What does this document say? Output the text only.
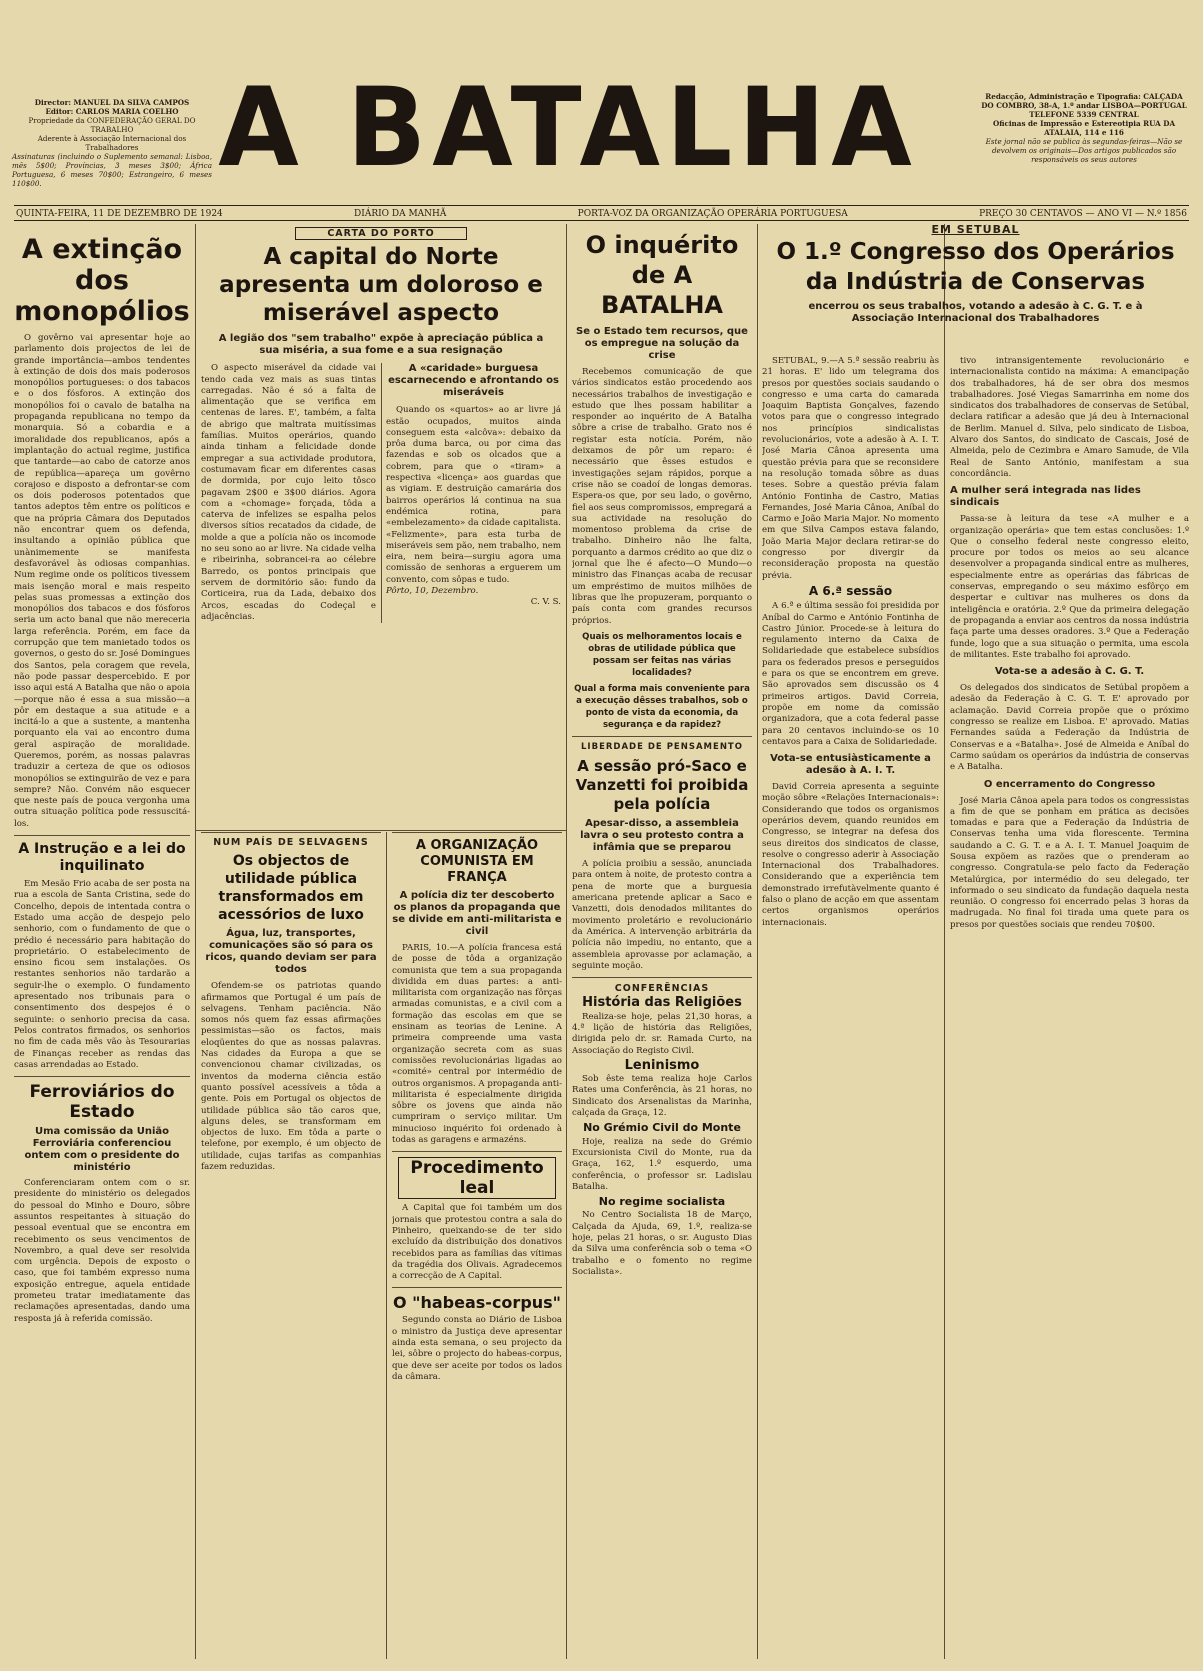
Director: MANUEL DA SILVA CAMPOS
Editor: CARLOS MARIA COELHO
Propriedade da CONFEDERAÇÃO GERAL DO TRABALHO
Aderente à Associação Internacional dos Trabalhadores
Assinaturas (incluindo o Suplemento semanal: Lisboa, mês 5$00; Províncias, 3 meses 3$00; África Portuguesa, 6 meses 70$00; Estrangeiro, 6 meses 110$00.	A BATALHA	Redacção, Administração e Tipografia: CALÇADA DO COMBRO, 38-A, 1.º andar LISBOA—PORTUGAL
TELEFONE 5339 CENTRAL
Oficinas de Impressão e Estereotipia RUA DA ATALAIA, 114 e 116
Este jornal não se publica às segundas-feiras—Não se devolvem os originais—Dos artigos publicados são responsáveis os seus autores
QUINTA-FEIRA, 11 DE DEZEMBRO DE 1924	DIÁRIO DA MANHÃ	PORTA-VOZ DA ORGANIZAÇÃO OPERÁRIA PORTUGUESA	PREÇO 30 CENTAVOS — ANO VI — N.º 1856
A extinção dos monopólios

O govêrno vai apresentar hoje ao parlamento dois projectos de lei de grande importância—ambos tendentes à extinção de dois dos mais poderosos monopólios portugueses: o dos tabacos e o dos fósforos. A extinção dos monopólios foi o cavalo de batalha na propaganda republicana no tempo da monarquia. Só a cobardia e a imoralidade dos republicanos, após a implantação do actual regime, justifica que tantarde—ao cabo de catorze anos de república—apareça um govêrno corajoso e disposto a defrontar-se com os dois poderosos potentados que tantos adeptos têm entre os políticos e que na própria Câmara dos Deputados não encontrar quem os defenda, insultando a opinião pública que unànimemente se manifesta desfavorável às odiosas companhias. Num regime onde os políticos tivessem mais isenção moral e mais respeito pelas suas promessas a extinção dos monopólios dos tabacos e dos fósforos seria um acto banal que não mereceria larga referência. Porém, em face da corrupção que tem manietado todos os governos, o gesto do sr. José Domingues dos Santos, pela coragem que revela, não pode passar despercebido. E por isso aqui está A Batalha que não o apoia—porque não é essa a sua missão—a pôr em destaque a sua atitude e a incitá-lo a que a sustente, a mantenha porquanto ela vai ao encontro duma geral aspiração de moralidade. Queremos, porém, as nossas palavras traduzir a certeza de que os odiosos monopólios se extinguirão de vez e para sempre? Não. Convém não esquecer que neste país de pouca vergonha uma outra situação política pode ressuscitá-los.

A Instrução e a lei do inquilinato

Em Mesão Frio acaba de ser posta na rua a escola de Santa Cristina, sede do Concelho, depois de intentada contra o Estado uma acção de despejo pelo senhorio, com o fundamento de que o prédio é necessário para habitação do proprietário. O estabelecimento de ensino ficou sem instalações. Os restantes senhorios não tardarão a seguir-lhe o exemplo. O fundamento apresentado nos tribunais para o consentimento dos despejos é o seguinte: o senhorio precisa da casa. Pelos contratos firmados, os senhorios no fim de cada mês vão às Tesourarias de Finanças receber as rendas das casas arrendadas ao Estado.

Ferroviários do Estado
Uma comissão da União Ferroviária conferenciou ontem com o presidente do ministério

Conferenciaram ontem com o sr. presidente do ministério os delegados do pessoal do Minho e Douro, sôbre assuntos respeitantes à situação do pessoal eventual que se encontra em recebimento os seus vencimentos de Novembro, a qual deve ser resolvida com urgência. Depois de exposto o caso, que foi também expresso numa exposição entregue, aquela entidade prometeu tratar imediatamente das reclamações apresentadas, dando uma resposta já à referida comissão.

CARTA DO PORTO
A capital do Norte apresenta um doloroso e miserável aspecto
A legião dos "sem trabalho" expõe à apreciação pública a sua miséria, a sua fome e a sua resignação

O aspecto miserável da cidade vai tendo cada vez mais as suas tintas carregadas. Não é só a falta de alimentação que se verifica em centenas de lares. E', também, a falta de abrigo que maltrata muitíssimas famílias. Muitos operários, quando ainda tinham a felicidade donde empregar a sua actividade produtora, costumavam ficar em diferentes casas de dormida, por cujo leito tôsco pagavam 2$00 e 3$00 diários. Agora com a «chomage» forçada, tôda a caterva de infelizes se espalha pelos diversos sítios recatados da cidade, de molde a que a polícia não os incomode no seu sono ao ar livre. Na cidade velha e ribeirinha, sobrancei-ra ao célebre Barredo, os pontos principais que servem de dormitório são: fundo da Corticeira, rua da Lada, debaixo dos Arcos, escadas do Codeçal e adjacências.

A «caridade» burguesa escarnecendo e afrontando os miseráveis

Quando os «quartos» ao ar livre já estão ocupados, muitos ainda conseguem esta «alcôva»: debaixo da prôa duma barca, ou por cima das fazendas e sob os olcados que a cobrem, para que o «tiram» a respectiva «licença» aos guardas que as vigiam. E destruição camarária dos bairros operários lá continua na sua endémica rotina, para «embelezamento» da cidade capitalista. «Felizmente», para esta turba de miseráveis sem pão, nem trabalho, nem eira, nem beira—surgiu agora uma comissão de senhoras a erguerem um convento, com sôpas e tudo.

Pôrto, 10, Dezembro.
C. V. S.
NUM PAÍS DE SELVAGENS
Os objectos de utilidade pública transformados em acessórios de luxo
Água, luz, transportes, comunicações são só para os ricos, quando deviam ser para todos

Ofendem-se os patriotas quando afirmamos que Portugal é um país de selvagens. Tenham paciência. Não somos nós quem faz essas afirmações pessimistas—são os factos, mais eloqüentes do que as nossas palavras. Nas cidades da Europa a que se convencionou chamar civilizadas, os inventos da moderna ciência estão quanto possível acessíveis a tôda a gente. Pois em Portugal os objectos de utilidade pública são tão caros que, alguns deles, se transformam em objectos de luxo. Em tôda a parte o telefone, por exemplo, é um objecto de utilidade, cujas tarifas as companhias fazem reduzidas.

A ORGANIZAÇÃO COMUNISTA EM FRANÇA
A polícia diz ter descoberto os planos da propaganda que se divide em anti-militarista e civil

PARIS, 10.—A polícia francesa está de posse de tôda a organização comunista que tem a sua propaganda dividida em duas partes: a anti-militarista com organização nas fôrças armadas comunistas, e a civil com a formação das escolas em que se ensinam as teorias de Lenine. A primeira compreende uma vasta organização secreta com as suas comissões revolucionárias ligadas ao «comité» central por intermédio de outros organismos. A propaganda anti-militarista é especialmente dirigida sôbre os jovens que ainda não cumpriram o serviço militar. Um minucioso inquérito foi ordenado à todas as garagens e armazéns.

Procedimento leal

A Capital que foi também um dos jornais que protestou contra a sala do Pinheiro, queixando-se de ter sido excluído da distribuição dos donativos recebidos para as famílias das vítimas da tragédia dos Olivais. Agradecemos a correcção de A Capital.

O "habeas-corpus"

Segundo consta ao Diário de Lisboa o ministro da Justiça deve apresentar ainda esta semana, o seu projecto da lei, sôbre o projecto do habeas-corpus, que deve ser aceite por todos os lados da câmara.

O inquérito de A BATALHA
Se o Estado tem recursos, que os empregue na solução da crise

Recebemos comunicação de que vários sindicatos estão procedendo aos necessários trabalhos de investigação e estudo que lhes possam habilitar a responder ao inquérito de A Batalha sôbre a crise de trabalho. Grato nos é registar esta notícia. Porém, não deixamos de pôr um reparo: é necessário que êsses estudos e investigações sejam rápidos, porque a crise não se coadoí de longas demoras. Espera-os que, por seu lado, o govêrno, fiel aos seus compromissos, empregará a sua actividade na resolução do momentoso problema da crise de trabalho. Dinheiro não lhe falta, porquanto a darmos crédito ao que diz o jornal que lhe é afecto—O Mundo—o ministro das Finanças acaba de recusar um empréstimo de muitos milhões de libras que lhe propuzeram, porquanto o país conta com grandes recursos próprios.

Quais os melhoramentos locais e obras de utilidade pública que possam ser feitas nas várias localidades?
Qual a forma mais conveniente para a execução dêsses trabalhos, sob o ponto de vista da economia, da segurança e da rapidez?
LIBERDADE DE PENSAMENTO
A sessão pró-Saco e Vanzetti foi proibida pela polícia
Apesar-disso, a assembleia lavra o seu protesto contra a infâmia que se preparou

A polícia proibiu a sessão, anunciada para ontem à noite, de protesto contra a pena de morte que a burguesia americana pretende aplicar a Saco e Vanzetti, dois denodados militantes do movimento proletário e revolucionário da América. A intervenção arbitrária da polícia não impediu, no entanto, que a assembleia aprovasse por aclamação, a seguinte moção.

CONFERÊNCIAS
História das Religiões

Realiza-se hoje, pelas 21,30 horas, a 4.ª lição de história das Religiões, dirigida pelo dr. sr. Ramada Curto, na Associação do Registo Civil.

Leninismo

Sob êste tema realiza hoje Carlos Rates uma Conferência, às 21 horas, no Sindicato dos Arsenalistas da Marinha, calçada da Graça, 12.

No Grémio Civil do Monte

Hoje, realiza na sede do Grémio Excursionista Civil do Monte, rua da Graça, 162, 1.º esquerdo, uma conferência, o professor sr. Ladislau Batalha.

No regime socialista

No Centro Socialista 18 de Março, Calçada da Ajuda, 69, 1.º, realiza-se hoje, pelas 21 horas, o sr. Augusto Dias da Silva uma conferência sob o tema «O trabalho e o fomento no regime Socialista».

EM SETÚBAL
O 1.º Congresso dos Operários da Indústria de Conservas
encerrou os seus trabalhos, votando a adesão à C. G. T. e à Associação Internacional dos Trabalhadores

SETÚBAL, 9.—A 5.ª sessão reabriu às 21 horas. E' lido um telegrama dos presos por questões sociais saudando o congresso e uma carta do camarada Joaquim Baptista Gonçalves, fazendo votos para que o congresso integrado nos princípios sindicalistas revolucionários, vote a adesão à A. I. T. José Maria Cânoa apresenta uma questão prévia para que se reconsidere na resolução tomada sôbre as duas teses. Sobre a questão prévia falam António Fontinha de Castro, Matias Fernandes, José Maria Cânoa, Aníbal do Carmo e João Maria Major. No momento em que Silva Campos estava falando, João Maria Major declara retirar-se do congresso por divergir da reconsideração proposta na questão prévia.

A 6.ª sessão

A 6.ª e última sessão foi presidida por Aníbal do Carmo e António Fontinha de Castro Júnior. Procede-se à leitura do regulamento interno da Caixa de Solidariedade que estabelece subsídios para os federados presos e perseguidos e para os que se encontrem em greve. São aprovados sem discussão os 4 primeiros artigos. David Correia, propõe em nome da comissão organizadora, que a cota federal passe para 20 centavos incluindo-se os 10 centavos para a Caixa de Solidariedade.

Vota-se entusiàsticamente a adesão à A. I. T.

David Correia apresenta a seguinte moção sôbre «Relações Internacionais»: Considerando que todos os organismos operários devem, quando reunidos em Congresso, se integrar na defesa dos seus direitos dos sindicatos de classe, resolve o congresso aderir à Associação Internacional dos Trabalhadores. Considerando que a experiência tem demonstrado irrefutàvelmente quanto é falso o plano de acção em que assentam certos organismos operários internacionais.

tivo intransigentemente revolucionário e internacionalista contido na máxima: A emancipação dos trabalhadores, há de ser obra dos mesmos trabalhadores. José Viegas Samarrinha em nome dos sindicatos dos trabalhadores de conservas de Setúbal, declara ratificar a adesão que já deu à Internacional de Berlim. Manuel d. Silva, pelo sindicato de Lisboa, Alvaro dos Santos, do sindicato de Cascais, José de Almeida, pelo de Cezimbra e Amaro Samude, de Vila Real de Santo António, manifestam a sua concordância.

A mulher será integrada nas lides sindicais

Passa-se à leitura da tese «A mulher e a organização operária» que tem estas conclusões: 1.º Que o conselho federal neste congresso eleito, procure por todos os meios ao seu alcance desenvolver a propaganda sindical entre as mulheres, especialmente entre as operárias das fábricas de conservas, empregando o seu máximo esfôrço em despertar e cultivar nas mulheres os dons da inteligência e oratória. 2.º Que da primeira delegação de propaganda a enviar aos centros da nossa indústria faça parte uma desses oradores. 3.º Que a Federação funde, logo que a sua situação o permita, uma escola de militantes. Este trabalho foi aprovado.

Vota-se a adesão à C. G. T.

Os delegados dos sindicatos de Setúbal propõem a adesão da Federação à C. G. T. E' aprovado por aclamação. David Correia propõe que o próximo congresso se realize em Lisboa. E' aprovado. Matias Fernandes saúda a Federação da Indústria de Conservas e a «Batalha». José de Almeida e Aníbal do Carmo saúdam os operários da indústria de conservas e A Batalha.

O encerramento do Congresso

José Maria Cânoa apela para todos os congressistas a fim de que se ponham em prática as decisões tomadas e para que a Federação da Indústria de Conservas tenha uma vida florescente. Termina saudando a C. G. T. e a A. I. T. Manuel Joaquim de Sousa expõem as razões que o prenderam ao congresso. Congratula-se pelo facto da Federação Metalúrgica, por intermédio do seu delegado, ter informado o seu sindicato da fundação daquela nesta reunião. O congresso foi encerrado pelas 3 horas da madrugada. No final foi tirada uma quete para os presos por questões sociais que rendeu 70$00.
